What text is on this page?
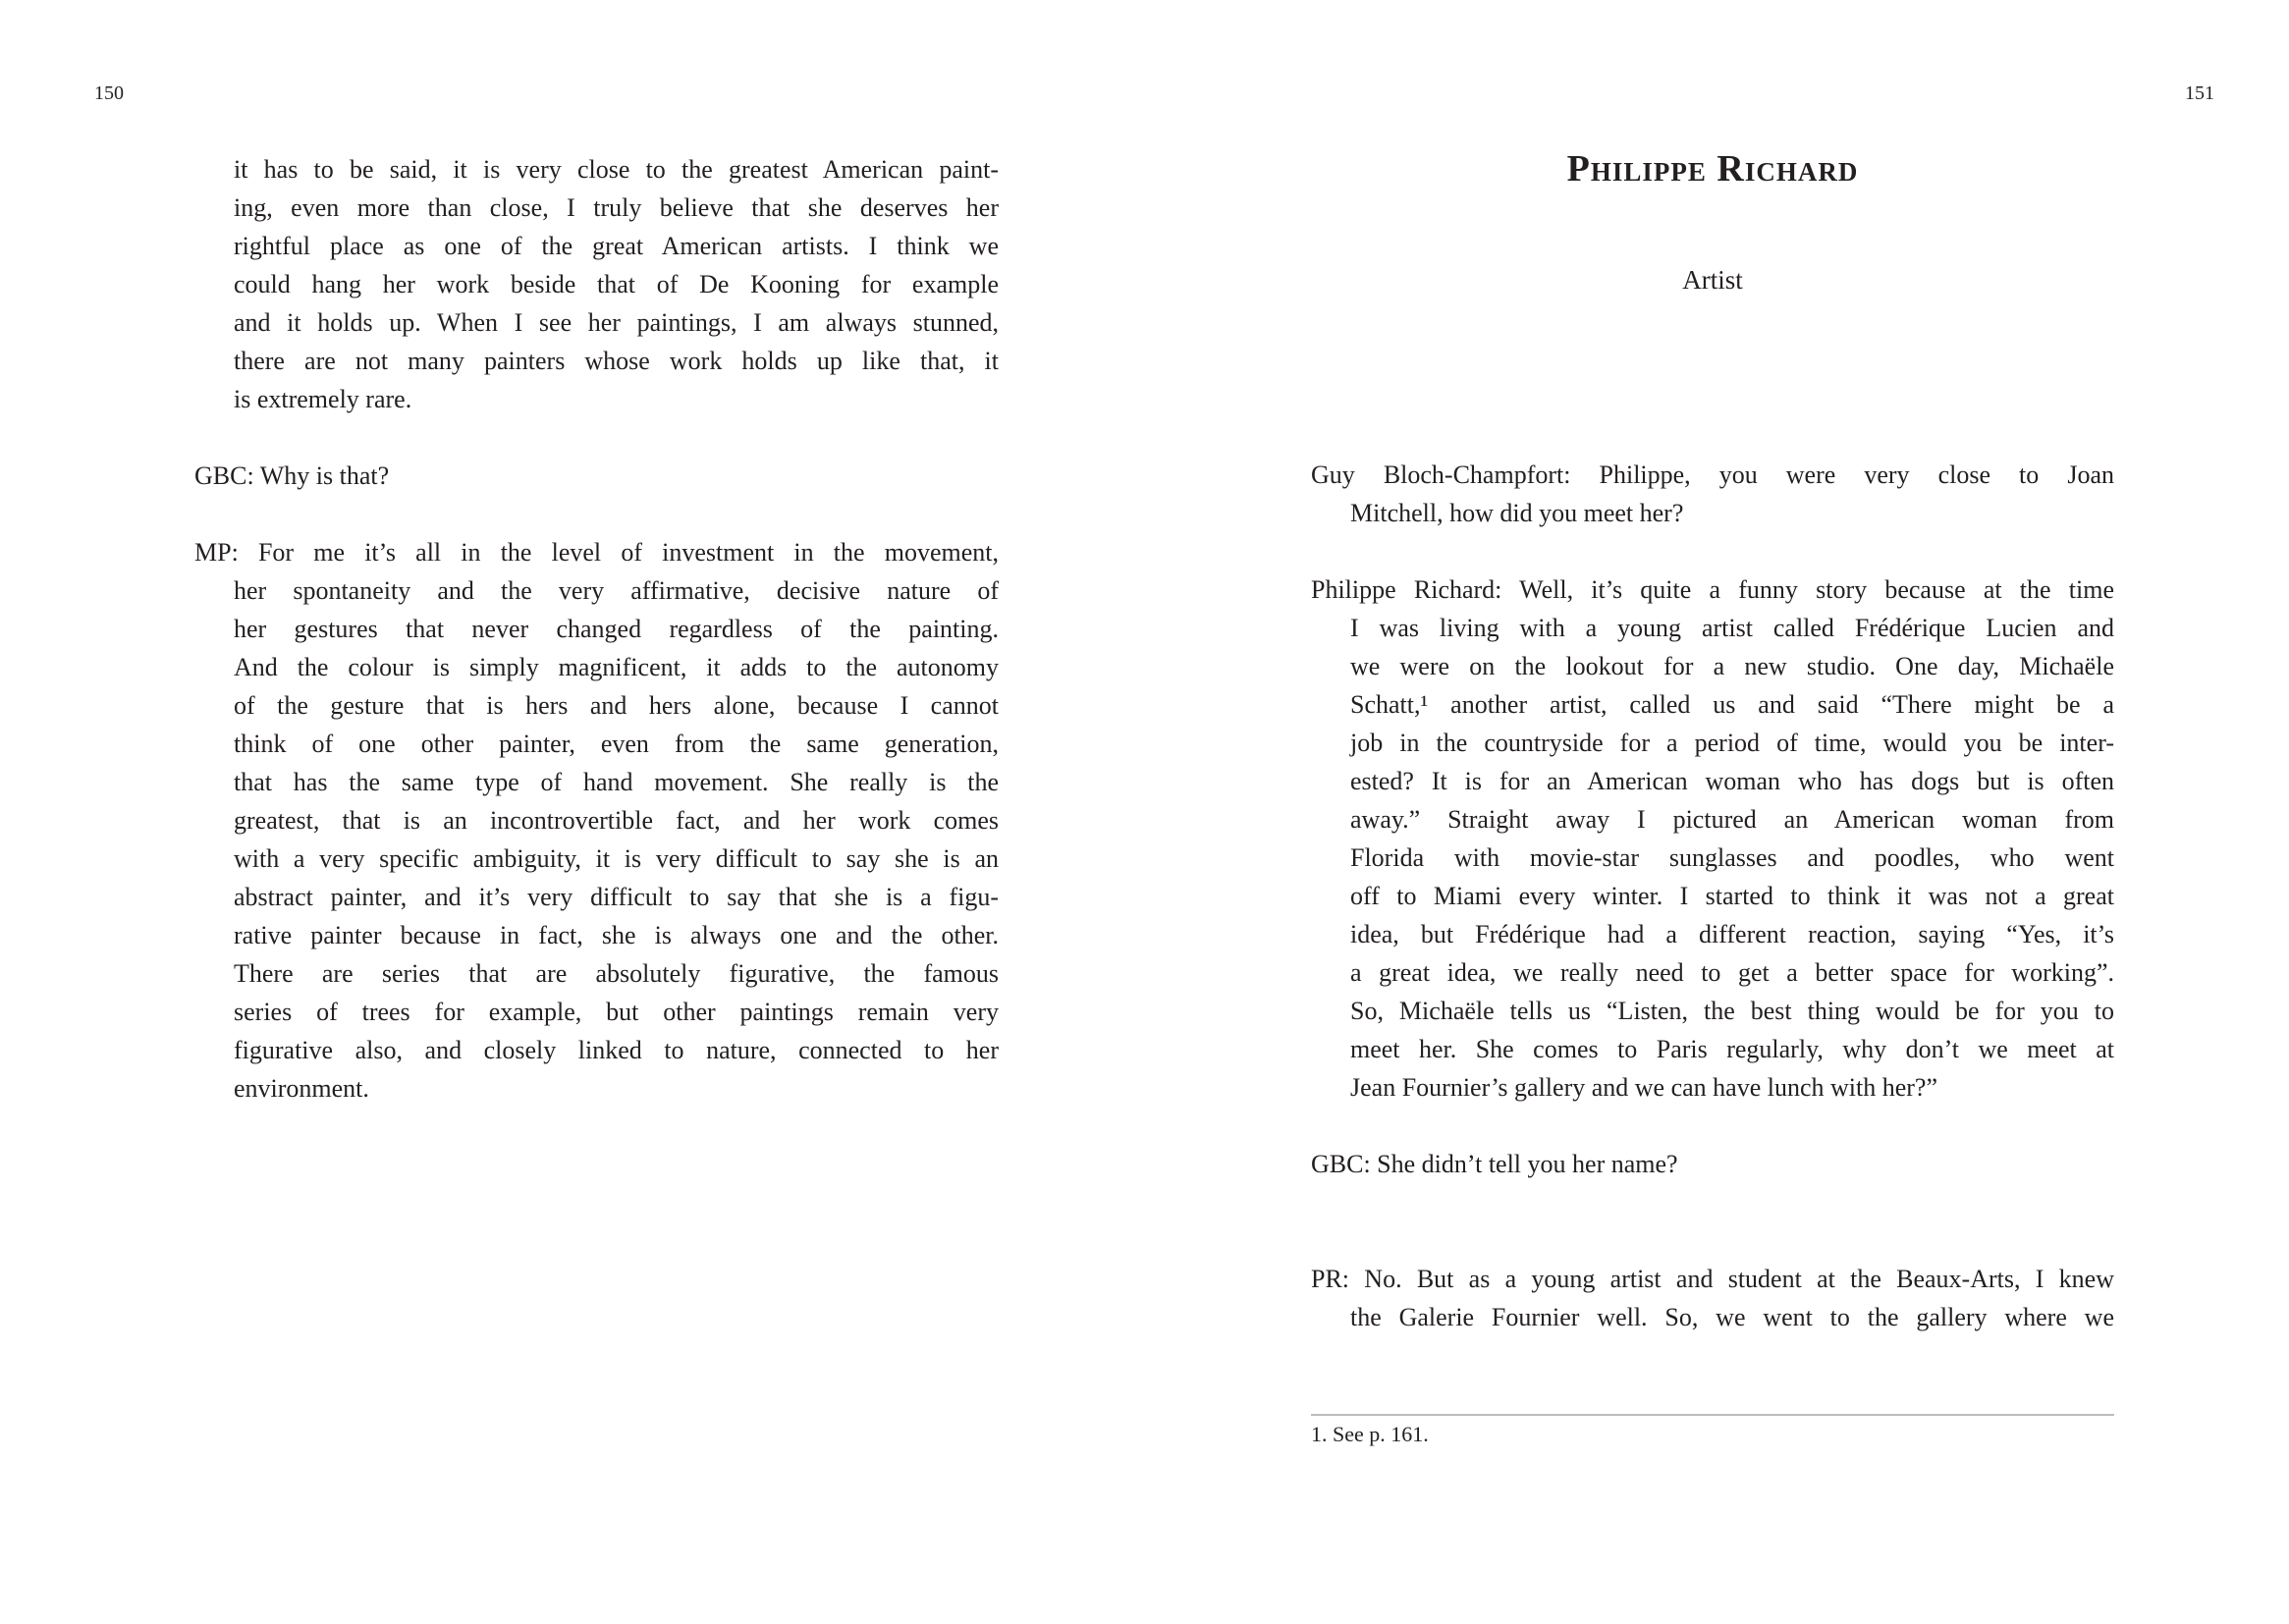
150	151
it has to be said, it is very close to the greatest American paint-
ing, even more than close, I truly believe that she deserves her
rightful place as one of the great American artists. I think we
could hang her work beside that of De Kooning for example
and it holds up. When I see her paintings, I am always stunned,
there are not many painters whose work holds up like that, it
is extremely rare.
GBC: Why is that?
MP: For me it’s all in the level of investment in the movement,
her spontaneity and the very affirmative, decisive nature of
her gestures that never changed regardless of the painting.
And the colour is simply magnificent, it adds to the autonomy
of the gesture that is hers and hers alone, because I cannot
think of one other painter, even from the same generation,
that has the same type of hand movement. She really is the
greatest, that is an incontrovertible fact, and her work comes
with a very specific ambiguity, it is very difficult to say she is an
abstract painter, and it’s very difficult to say that she is a figu-
rative painter because in fact, she is always one and the other.
There are series that are absolutely figurative, the famous
series of trees for example, but other paintings remain very
figurative also, and closely linked to nature, connected to her
environment.
Philippe Richard
Artist
Guy Bloch-Champfort: Philippe, you were very close to Joan
Mitchell, how did you meet her?
Philippe Richard: Well, it’s quite a funny story because at the time
I was living with a young artist called Frédérique Lucien and
we were on the lookout for a new studio. One day, Michaële
Schatt,¹ another artist, called us and said “There might be a
job in the countryside for a period of time, would you be inter-
ested? It is for an American woman who has dogs but is often
away.” Straight away I pictured an American woman from
Florida with movie-star sunglasses and poodles, who went
off to Miami every winter. I started to think it was not a great
idea, but Frédérique had a different reaction, saying “Yes, it’s
a great idea, we really need to get a better space for working”.
So, Michaële tells us “Listen, the best thing would be for you to
meet her. She comes to Paris regularly, why don’t we meet at
Jean Fournier’s gallery and we can have lunch with her?”
GBC: She didn’t tell you her name?
PR: No. But as a young artist and student at the Beaux-Arts, I knew
the Galerie Fournier well. So, we went to the gallery where we
1. See p. 161.
